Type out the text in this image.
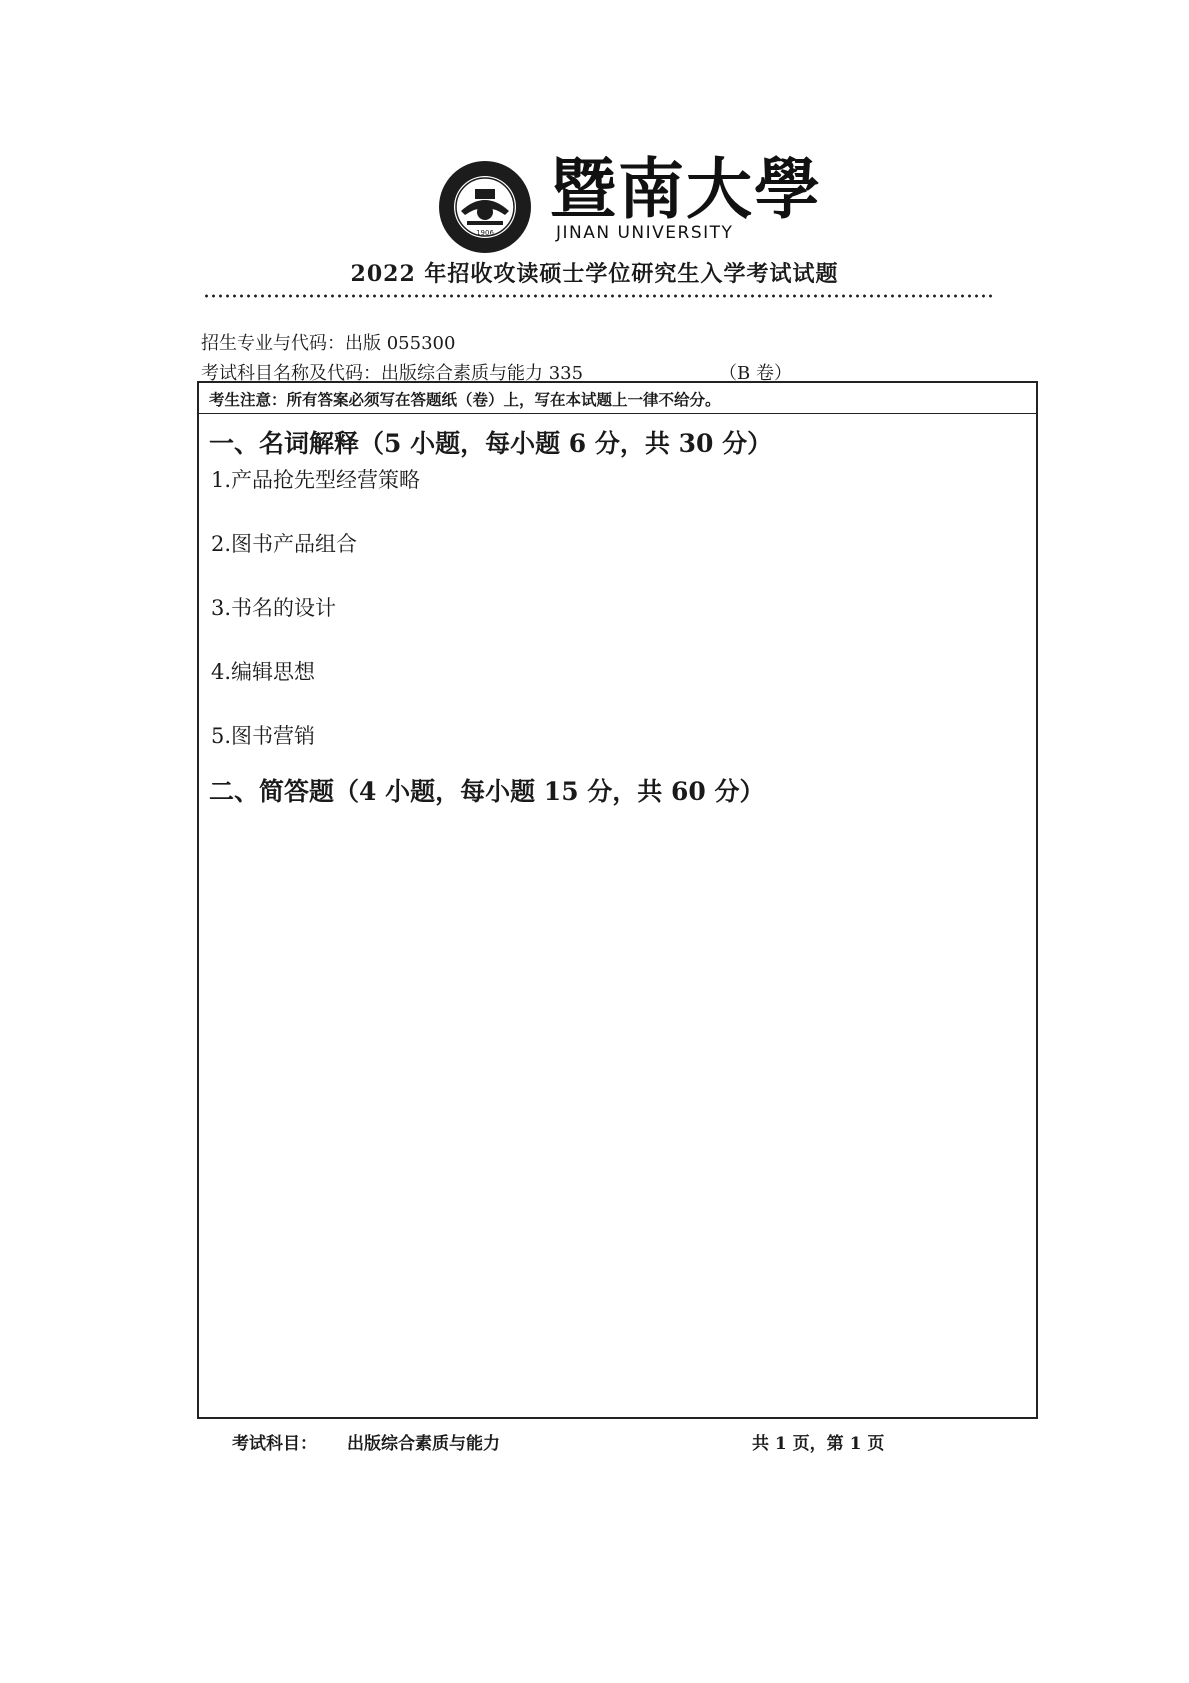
1906
暨南大學
JINAN UNIVERSITY
2022 年招收攻读硕士学位研究生入学考试试题
招生专业与代码：出版 055300
考试科目名称及代码：出版综合素质与能力 335	（B 卷）
考生注意：所有答案必须写在答题纸（卷）上，写在本试题上一律不给分。
一、名词解释（5 小题，每小题 6 分，共 30 分）
1.产品抢先型经营策略
2.图书产品组合
3.书名的设计
4.编辑思想
5.图书营销
二、简答题（4 小题，每小题 15 分，共 60 分）
考试科目： 出版综合素质与能力	共 1 页，第 1 页
